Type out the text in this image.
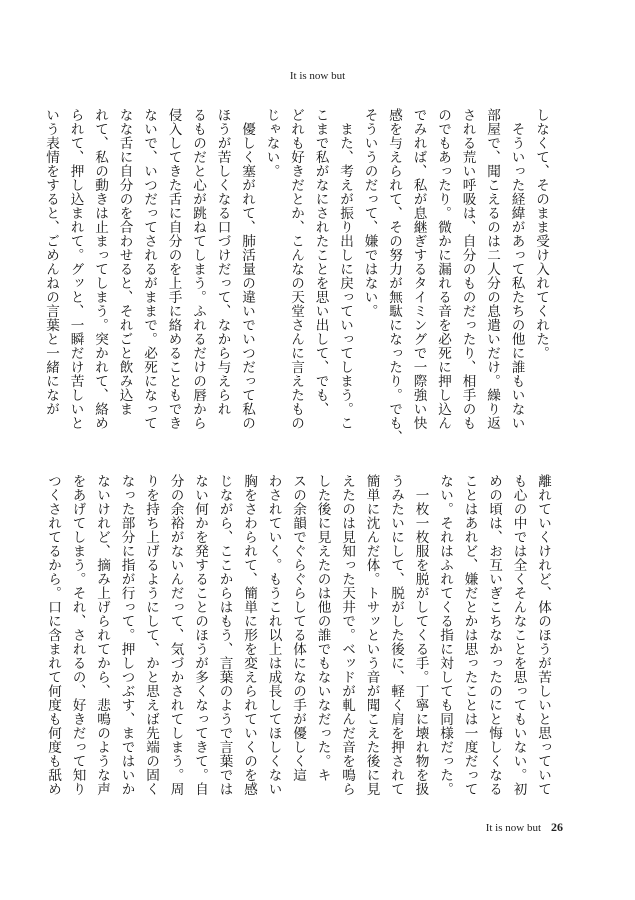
It is now but
しなくて、そのまま受け入れてくれた。
　そういった経緯があって私たちの他に誰もいない
部屋で、聞こえるのは二人分の息遣いだけ。繰り返
される荒い呼吸は、自分のものだったり、相手のも
のでもあったり。微かに漏れる音を必死に押し込ん
でみれば、私が息継ぎするタイミングで一際強い快
感を与えられて、その努力が無駄になったり。でも、
そういうのだって、嫌ではない。
　また、考えが振り出しに戻っていってしまう。こ
こまで私がなにされたことを思い出して、でも、
どれも好きだとか、こんなの天堂さんに言えたもの
じゃない。
　優しく塞がれて、肺活量の違いでいつだって私の
ほうが苦しくなる口づけだって、なから与えられ
るものだと心が跳ねてしまう。ふれるだけの唇から
侵入してきた舌に自分のを上手に絡めることもでき
ないで、いつだってされるがままで。必死になって
なな舌に自分のを合わせると、それごと飲み込ま
れて、私の動きは止まってしまう。突かれて、絡め
られて、押し込まれて。グッと、一瞬だけ苦しいと
いう表情をすると、ごめんねの言葉と一緒になが
離れていくけれど、体のほうが苦しいと思っていて
も心の中では全くそんなことを思ってもいない。初
めの頃は、お互いぎこちなかったのにと悔しくなる
ことはあれど、嫌だとかは思ったことは一度だって
ない。それはふれてくる指に対しても同様だった。
　一枚一枚服を脱がしてくる手。丁寧に壊れ物を扱
うみたいにして、脱がした後に、軽く肩を押されて
簡単に沈んだ体。トサッという音が聞こえた後に見
えたのは見知った天井で。ベッドが軋んだ音を鳴ら
した後に見えたのは他の誰でもないなだった。キ
スの余韻でぐらぐらしてる体になの手が優しく這
わされていく。もうこれ以上は成長してほしくない
胸をさわられて、簡単に形を変えられていくのを感
じながら、ここからはもう、言葉のようで言葉では
ない何かを発することのほうが多くなってきて。自
分の余裕がないんだって、気づかされてしまう。周
りを持ち上げるようにして、かと思えば先端の固く
なった部分に指が行って。押しつぶす、まではいか
ないけれど、摘み上げられてから、悲鳴のような声
をあげてしまう。それ、されるの、好きだって知り
つくされてるから。口に含まれて何度も何度も舐め
It is now but 26
